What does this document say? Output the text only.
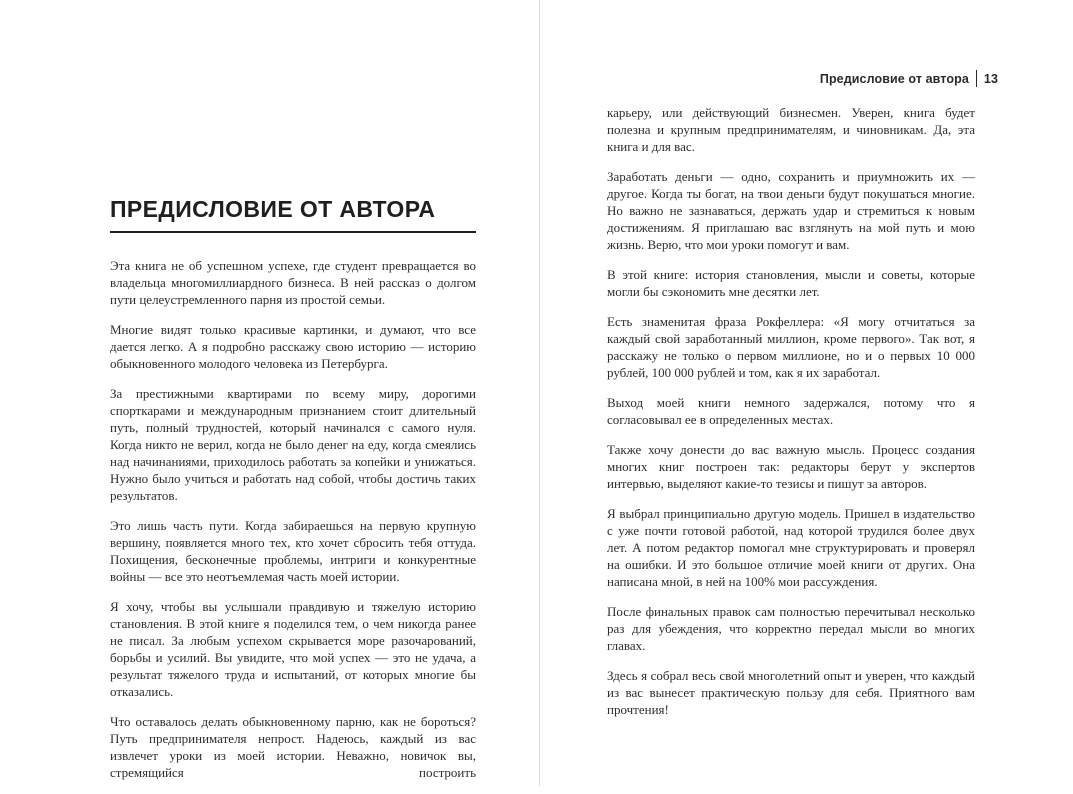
ПРЕДИСЛОВИЕ ОТ АВТОРА

Эта книга не об успешном успехе, где студент превращается во владельца многомиллиардного бизнеса. В ней рассказ о долгом пути целеустремленного парня из простой семьи.

Многие видят только красивые картинки, и думают, что все дается легко. А я подробно расскажу свою историю — историю обыкновенного молодого человека из Петербурга.

За престижными квартирами по всему миру, дорогими спорткарами и международным признанием стоит длительный путь, полный трудностей, который начинался с самого нуля. Когда никто не верил, когда не было денег на еду, когда смеялись над начинаниями, приходилось работать за копейки и унижаться. Нужно было учиться и работать над собой, чтобы достичь таких результатов.

Это лишь часть пути. Когда забираешься на первую крупную вершину, появляется много тех, кто хочет сбросить тебя оттуда. Похищения, бесконечные проблемы, интриги и конкурентные войны — все это неотъемлемая часть моей истории.

Я хочу, чтобы вы услышали правдивую и тяжелую историю становления. В этой книге я поделился тем, о чем никогда ранее не писал. За любым успехом скрывается море разочарований, борьбы и усилий. Вы увидите, что мой успех — это не удача, а результат тяжелого труда и испытаний, от которых многие бы отказались.

Что оставалось делать обыкновенному парню, как не бороться? Путь предпринимателя непрост. Надеюсь, каждый из вас извлечет уроки из моей истории. Неважно, новичок вы, стремящийся построить

Предисловие от автора 13

карьеру, или действующий бизнесмен. Уверен, книга будет полезна и крупным предпринимателям, и чиновникам. Да, эта книга и для вас.

Заработать деньги — одно, сохранить и приумножить их — другое. Когда ты богат, на твои деньги будут покушаться многие. Но важно не зазнаваться, держать удар и стремиться к новым достижениям. Я приглашаю вас взглянуть на мой путь и мою жизнь. Верю, что мои уроки помогут и вам.

В этой книге: история становления, мысли и советы, которые могли бы сэкономить мне десятки лет.

Есть знаменитая фраза Рокфеллера: «Я могу отчитаться за каждый свой заработанный миллион, кроме первого». Так вот, я расскажу не только о первом миллионе, но и о первых 10 000 рублей, 100 000 рублей и том, как я их заработал.

Выход моей книги немного задержался, потому что я согласовывал ее в определенных местах.

Также хочу донести до вас важную мысль. Процесс создания многих книг построен так: редакторы берут у экспертов интервью, выделяют какие-то тезисы и пишут за авторов.

Я выбрал принципиально другую модель. Пришел в издательство с уже почти готовой работой, над которой трудился более двух лет. А потом редактор помогал мне структурировать и проверял на ошибки. И это большое отличие моей книги от других. Она написана мной, в ней на 100% мои рассуждения.

После финальных правок сам полностью перечитывал несколько раз для убеждения, что корректно передал мысли во многих главах.

Здесь я собрал весь свой многолетний опыт и уверен, что каждый из вас вынесет практическую пользу для себя. Приятного вам прочтения!
